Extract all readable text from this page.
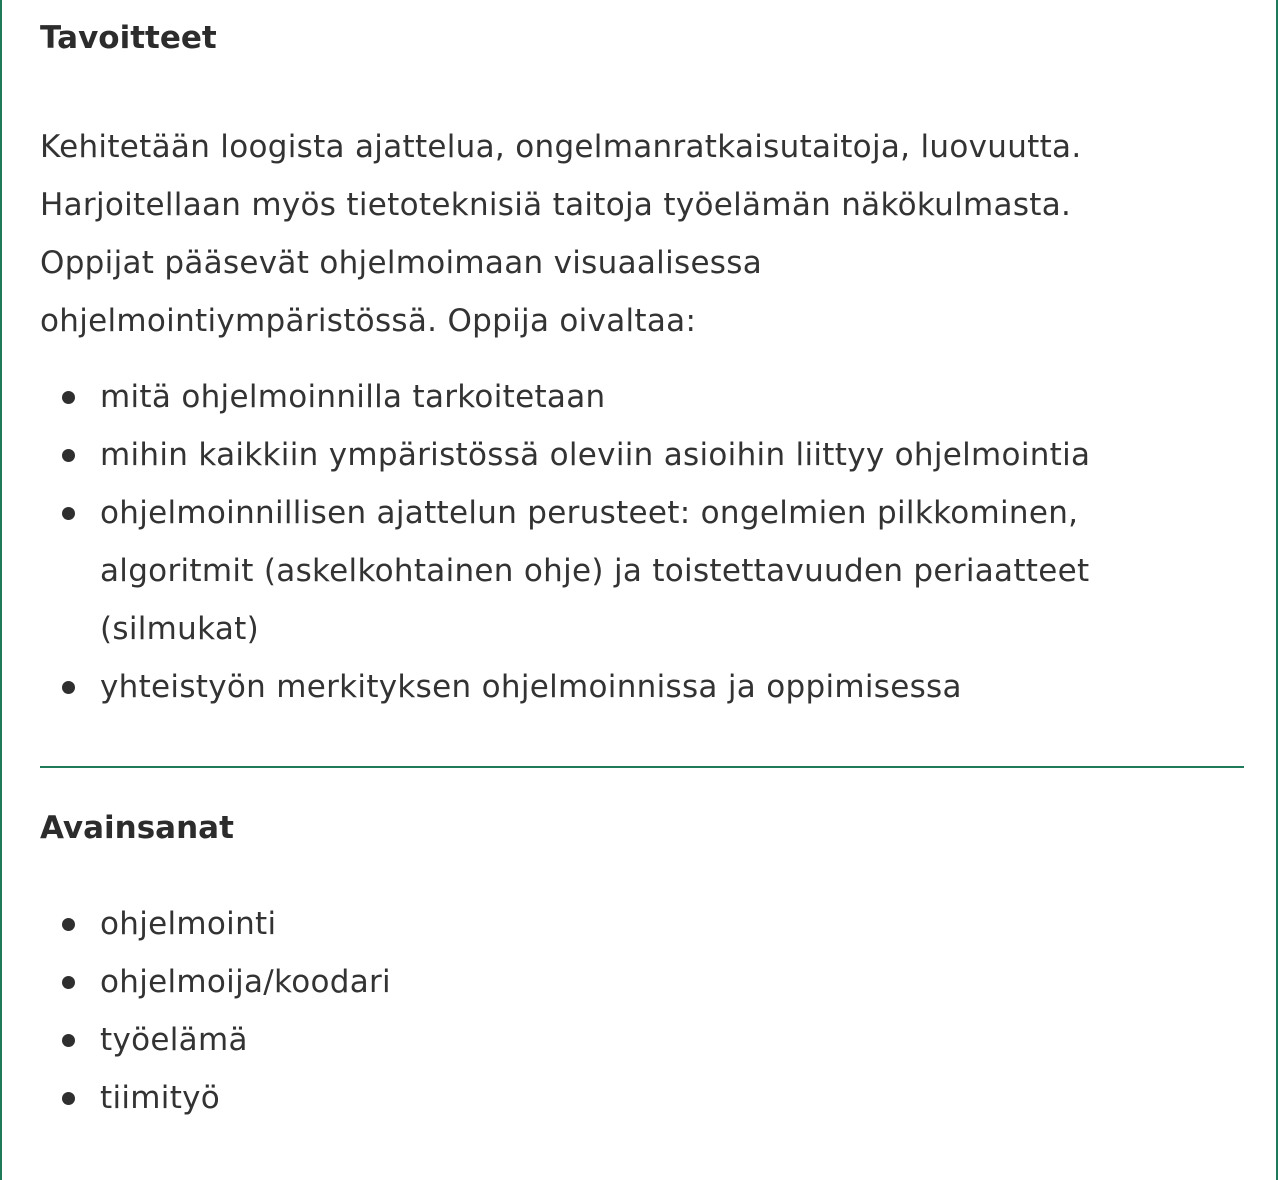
Tavoitteet
Kehitetään loogista ajattelua, ongelmanratkaisutaitoja, luovuutta.
Harjoitellaan myös tietoteknisiä taitoja työelämän näkökulmasta.
Oppijat pääsevät ohjelmoimaan visuaalisessa
ohjelmointiympäristössä. Oppija oivaltaa:
mitä ohjelmoinnilla tarkoitetaan
mihin kaikkiin ympäristössä oleviin asioihin liittyy ohjelmointia
ohjelmoinnillisen ajattelun perusteet: ongelmien pilkkominen,
algoritmit (askelkohtainen ohje) ja toistettavuuden periaatteet
(silmukat)
yhteistyön merkityksen ohjelmoinnissa ja oppimisessa
Avainsanat
ohjelmointi
ohjelmoija/koodari
työelämä
tiimityö
